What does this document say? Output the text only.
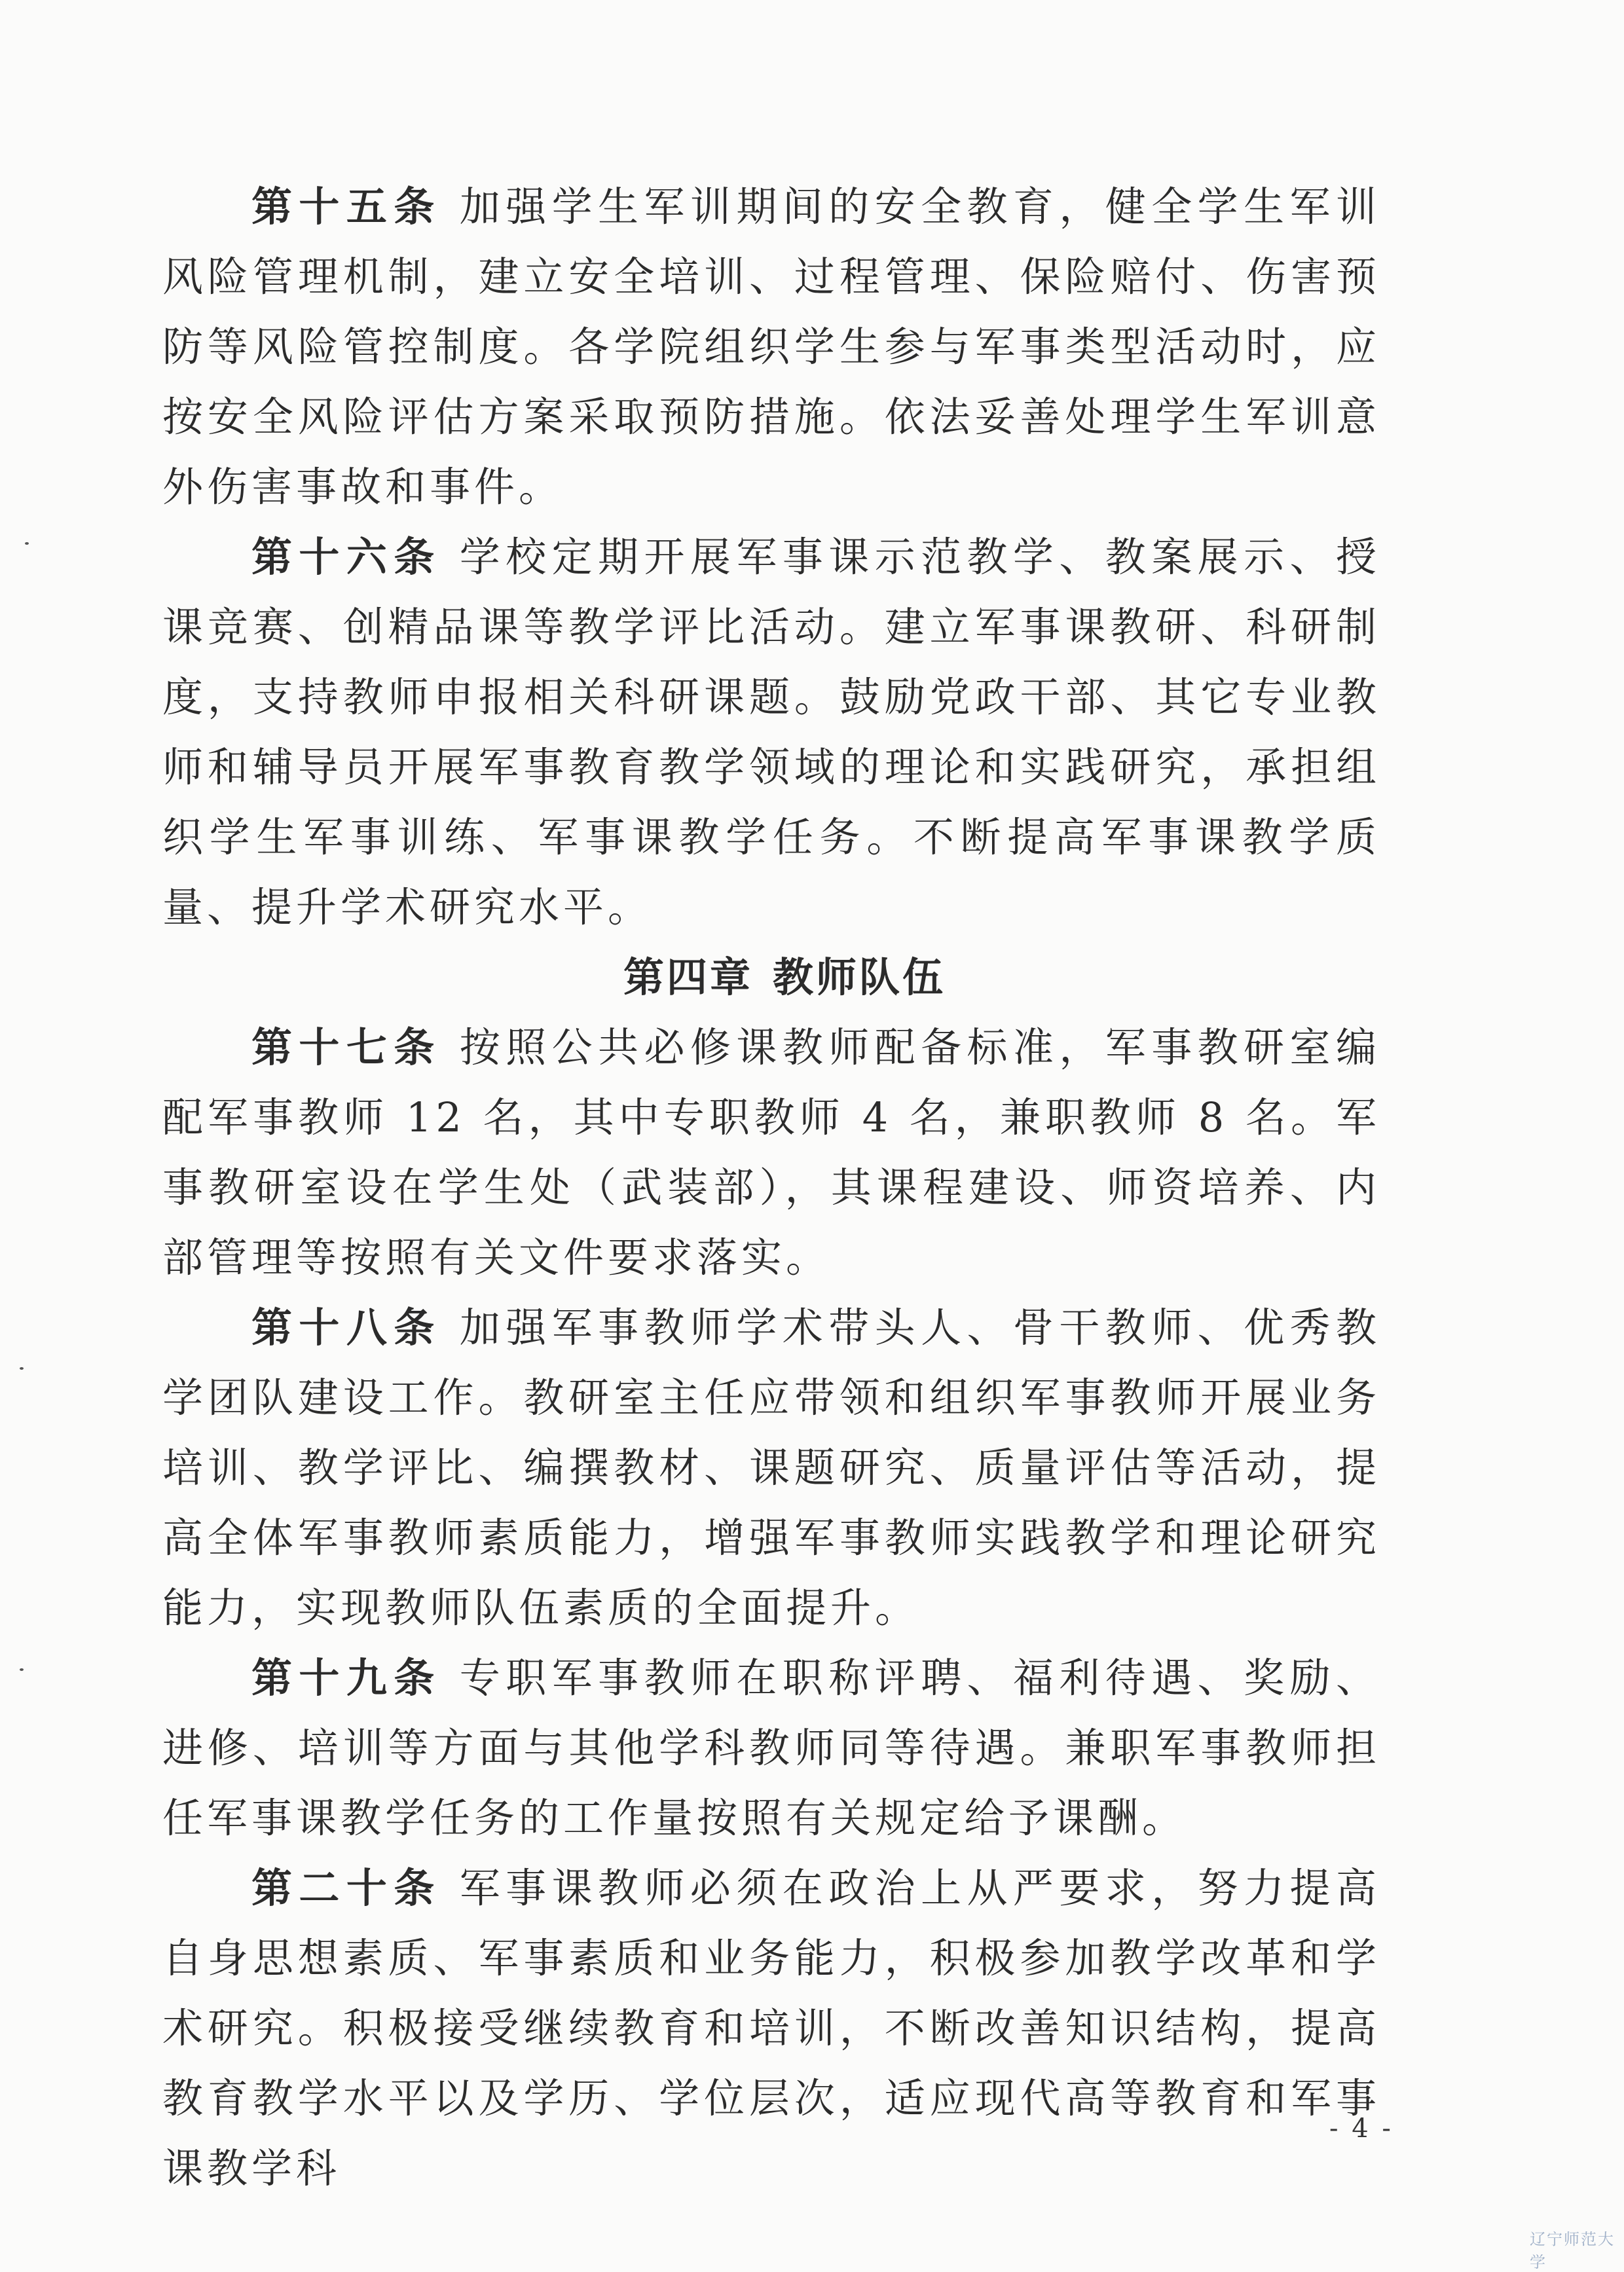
第十五条 加强学生军训期间的安全教育，健全学生军训风险管理机制，建立安全培训、过程管理、保险赔付、伤害预防等风险管控制度。各学院组织学生参与军事类型活动时，应按安全风险评估方案采取预防措施。依法妥善处理学生军训意外伤害事故和事件。

第十六条 学校定期开展军事课示范教学、教案展示、授课竞赛、创精品课等教学评比活动。建立军事课教研、科研制度，支持教师申报相关科研课题。鼓励党政干部、其它专业教师和辅导员开展军事教育教学领域的理论和实践研究，承担组织学生军事训练、军事课教学任务。不断提高军事课教学质量、提升学术研究水平。

第四章 教师队伍

第十七条 按照公共必修课教师配备标准，军事教研室编配军事教师 12 名，其中专职教师 4 名，兼职教师 8 名。军事教研室设在学生处（武装部），其课程建设、师资培养、内部管理等按照有关文件要求落实。

第十八条 加强军事教师学术带头人、骨干教师、优秀教学团队建设工作。教研室主任应带领和组织军事教师开展业务培训、教学评比、编撰教材、课题研究、质量评估等活动，提高全体军事教师素质能力，增强军事教师实践教学和理论研究能力，实现教师队伍素质的全面提升。

第十九条 专职军事教师在职称评聘、福利待遇、奖励、进修、培训等方面与其他学科教师同等待遇。兼职军事教师担任军事课教学任务的工作量按照有关规定给予课酬。

第二十条 军事课教师必须在政治上从严要求，努力提高自身思想素质、军事素质和业务能力，积极参加教学改革和学术研究。积极接受继续教育和培训，不断改善知识结构，提高教育教学水平以及学历、学位层次，适应现代高等教育和军事课教学科

- 4 -
辽宁师范大学
